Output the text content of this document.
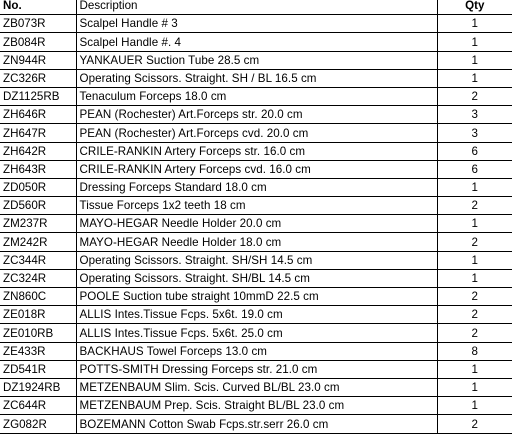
No.	Description	Qty
ZB073R	Scalpel Handle # 3	1
ZB084R	Scalpel Handle #. 4	1
ZN944R	YANKAUER Suction Tube 28.5 cm	1
ZC326R	Operating Scissors. Straight. SH / BL 16.5 cm	1
DZ1125RB	Tenaculum Forceps 18.0 cm	2
ZH646R	PEAN (Rochester) Art.Forceps str. 20.0 cm	3
ZH647R	PEAN (Rochester) Art.Forceps cvd. 20.0 cm	3
ZH642R	CRILE-RANKIN Artery Forceps str. 16.0 cm	6
ZH643R	CRILE-RANKIN Artery Forceps cvd. 16.0 cm	6
ZD050R	Dressing Forceps Standard 18.0 cm	1
ZD560R	Tissue Forceps 1x2 teeth 18 cm	2
ZM237R	MAYO-HEGAR Needle Holder 20.0 cm	1
ZM242R	MAYO-HEGAR Needle Holder 18.0 cm	2
ZC344R	Operating Scissors. Straight. SH/SH 14.5 cm	1
ZC324R	Operating Scissors. Straight. SH/BL 14.5 cm	1
ZN860C	POOLE Suction tube straight 10mmD 22.5 cm	2
ZE018R	ALLIS Intes.Tissue Fcps. 5x6t. 19.0 cm	2
ZE010RB	ALLIS Intes.Tissue Fcps. 5x6t. 25.0 cm	2
ZE433R	BACKHAUS Towel Forceps 13.0 cm	8
ZD541R	POTTS-SMITH Dressing Forceps str. 21.0 cm	1
DZ1924RB	METZENBAUM Slim. Scis. Curved BL/BL 23.0 cm	1
ZC644R	METZENBAUM Prep. Scis. Straight BL/BL 23.0 cm	1
ZG082R	BOZEMANN Cotton Swab Fcps.str.serr 26.0 cm	2
